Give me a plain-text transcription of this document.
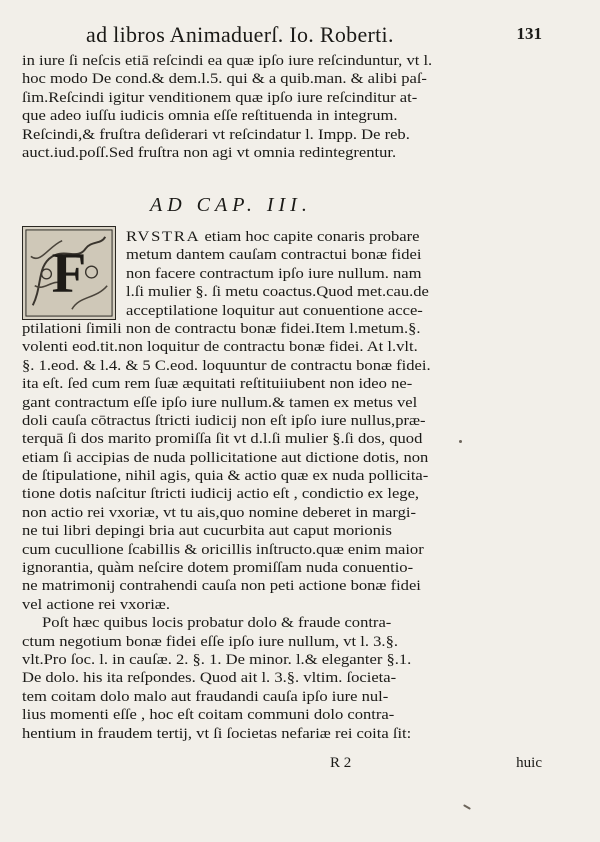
ad libros Animaduerſ. Io. Roberti.	131
in iure ſi neſcis etiā reſcindi ea quæ ipſo iure reſcinduntur, vt l.
hoc modo De cond.& dem.l.5. qui & a quib.man. & alibi paſ-
ſim.Reſcindi igitur venditionem quæ ipſo iure reſcinditur at-
que adeo iuſſu iudicis omnia eſſe reſtituenda in integrum.
Reſcindi,& fruſtra deſiderari vt reſcindatur l. Impp. De reb.
auct.iud.poſſ.Sed fruſtra non agi vt omnia redintegrentur.
AD CAP. III.
F
RVSTRA etiam hoc capite conaris probare
metum dantem cauſam contractui bonæ fidei
non facere contractum ipſo iure nullum. nam
l.ſi mulier §. ſi metu coactus.Quod met.cau.de
acceptilatione loquitur aut conuentione acce-
ptilationi ſimili non de contractu bonæ fidei.Item l.metum.§.
volenti eod.tit.non loquitur de contractu bonæ fidei. At l.vlt.
§. 1.eod. & l.4. & 5 C.eod. loquuntur de contractu bonæ fidei.
ita eſt. ſed cum rem ſuæ æquitati reſtituiiubent non ideo ne-
gant contractum eſſe ipſo iure nullum.& tamen ex metus vel
doli cauſa cōtractus ſtricti iudicij non eſt ipſo iure nullus,præ-
terquā ſi dos marito promiſſa ſit vt d.l.ſi mulier §.ſi dos, quod
etiam ſi accipias de nuda pollicitatione aut dictione dotis, non
de ſtipulatione, nihil agis, quia & actio quæ ex nuda pollicita-
tione dotis naſcitur ſtricti iudicij actio eſt , condictio ex lege,
non actio rei vxoriæ, vt tu ais,quo nomine deberet in margi-
ne tui libri depingi bria aut cucurbita aut caput morionis
cum cucullione ſcabillis & oricillis inſtructo.quæ enim maior
ignorantia, quàm neſcire dotem promiſſam nuda conuentio-
ne matrimonij contrahendi cauſa non peti actione bonæ fidei
vel actione rei vxoriæ.
Poſt hæc quibus locis probatur dolo & fraude contra-
ctum negotium bonæ fidei eſſe ipſo iure nullum, vt l. 3.§.
vlt.Pro ſoc. l. in cauſæ. 2. §. 1. De minor. l.& eleganter §.1.
De dolo. his ita reſpondes. Quod ait l. 3.§. vltim. ſocieta-
tem coitam dolo malo aut fraudandi cauſa ipſo iure nul-
lius momenti eſſe , hoc eſt coitam communi dolo contra-
hentium in fraudem tertij, vt ſi ſocietas nefariæ rei coita ſit:
R 2	huic
